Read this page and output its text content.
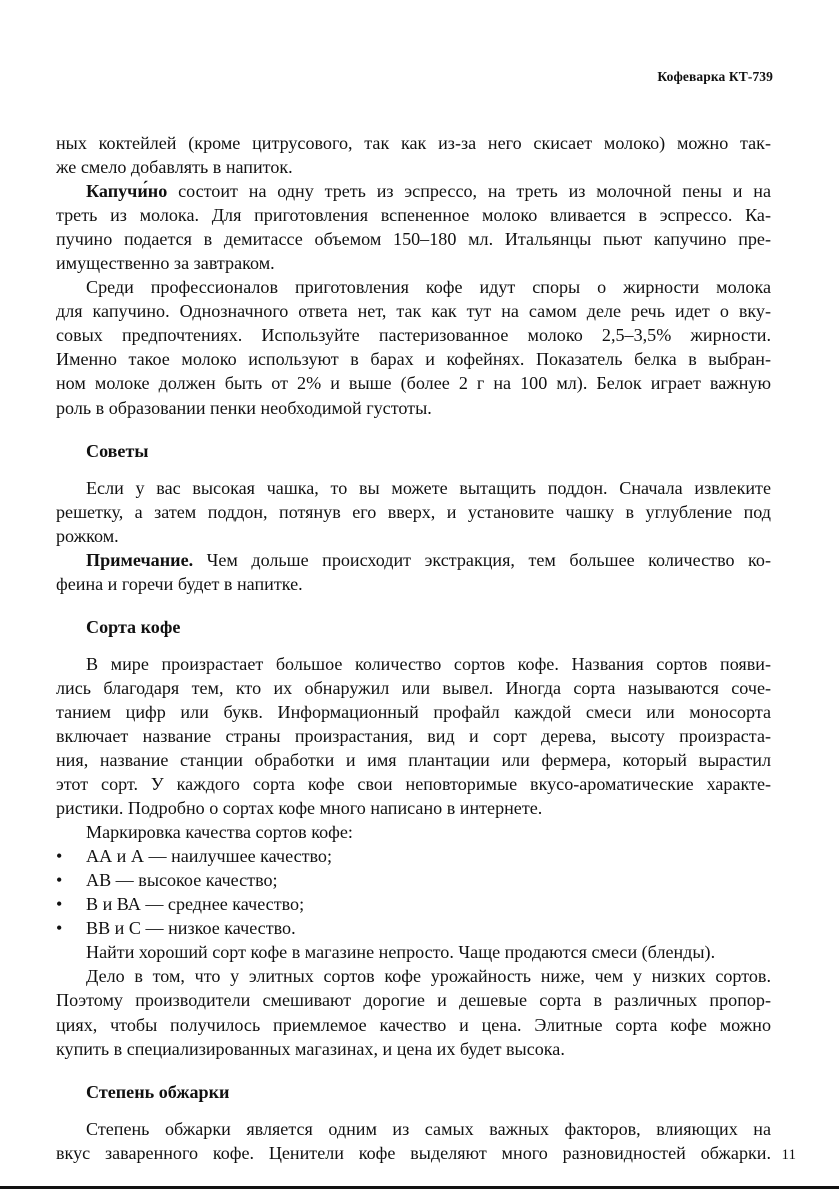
Кофеварка КТ-739

ных коктейлей (кроме цитрусового, так как из-за него скисает молоко) можно так-
же смело добавлять в напиток.

Капучи́но состоит на одну треть из эспрессо, на треть из молочной пены и на
треть из молока. Для приготовления вспененное молоко вливается в эспрессо. Ка-
пучино подается в демитассе объемом 150–180 мл. Итальянцы пьют капучино пре-
имущественно за завтраком.

Среди профессионалов приготовления кофе идут споры о жирности молока
для капучино. Однозначного ответа нет, так как тут на самом деле речь идет о вку-
совых предпочтениях. Используйте пастеризованное молоко 2,5–3,5% жирности.
Именно такое молоко используют в барах и кофейнях. Показатель белка в выбран-
ном молоке должен быть от 2% и выше (более 2 г на 100 мл). Белок играет важную
роль в образовании пенки необходимой густоты.

Советы

Если у вас высокая чашка, то вы можете вытащить поддон. Сначала извлеките
решетку, а затем поддон, потянув его вверх, и установите чашку в углубление под
рожком.

Примечание. Чем дольше происходит экстракция, тем большее количество ко-
феина и горечи будет в напитке.

Сорта кофе

В мире произрастает большое количество сортов кофе. Названия сортов появи-
лись благодаря тем, кто их обнаружил или вывел. Иногда сорта называются соче-
танием цифр или букв. Информационный профайл каждой смеси или моносорта
включает название страны произрастания, вид и сорт дерева, высоту произраста-
ния, название станции обработки и имя плантации или фермера, который вырастил
этот сорт. У каждого сорта кофе свои неповторимые вкусо-ароматические характе-
ристики. Подробно о сортах кофе много написано в интернете.

Маркировка качества сортов кофе:

•	АА и А — наилучшее качество;
•	АВ — высокое качество;
•	В и ВА — среднее качество;
•	ВВ и С — низкое качество.

Найти хороший сорт кофе в магазине непросто. Чаще продаются смеси (бленды).

Дело в том, что у элитных сортов кофе урожайность ниже, чем у низких сортов.
Поэтому производители смешивают дорогие и дешевые сорта в различных пропор-
циях, чтобы получилось приемлемое качество и цена. Элитные сорта кофе можно
купить в специализированных магазинах, и цена их будет высока.

Степень обжарки

Степень обжарки является одним из самых важных факторов, влияющих на
вкус заваренного кофе. Ценители кофе выделяют много разновидностей обжарки. 11
